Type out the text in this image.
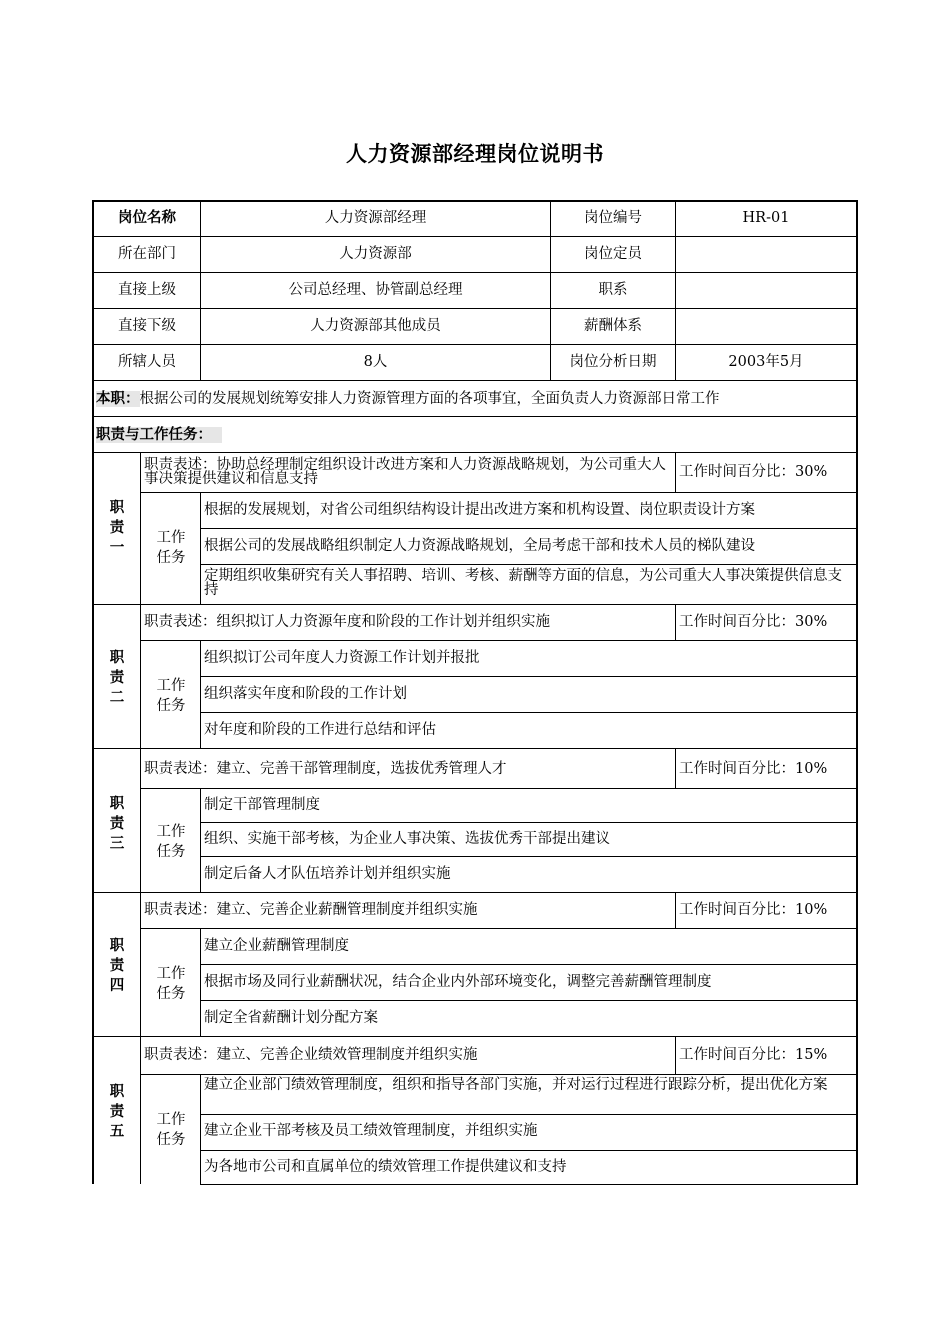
人力资源部经理岗位说明书
岗位名称	人力资源部经理	岗位编号	HR-01
所在部门	人力资源部	岗位定员
直接上级	公司总经理、协管副总经理	职系
直接下级	人力资源部其他成员	薪酬体系
所辖人员	8人	岗位分析日期	2003年5月
本职：根据公司的发展规划统筹安排人力资源管理方面的各项事宜，全面负责人力资源部日常工作
职责与工作任务：
职
责
一
职责表述：协助总经理制定组织设计改进方案和人力资源战略规划，为公司重大人事决策提供建议和信息支持	工作时间百分比：30%
工作
任务
根据的发展规划，对省公司组织结构设计提出改进方案和机构设置、岗位职责设计方案
根据公司的发展战略组织制定人力资源战略规划，全局考虑干部和技术人员的梯队建设
定期组织收集研究有关人事招聘、培训、考核、薪酬等方面的信息，为公司重大人事决策提供信息支持
职
责
二
职责表述：组织拟订人力资源年度和阶段的工作计划并组织实施	工作时间百分比：30%
工作
任务
组织拟订公司年度人力资源工作计划并报批
组织落实年度和阶段的工作计划
对年度和阶段的工作进行总结和评估
职
责
三
职责表述：建立、完善干部管理制度，选拔优秀管理人才	工作时间百分比：10%
工作
任务
制定干部管理制度
组织、实施干部考核，为企业人事决策、选拔优秀干部提出建议
制定后备人才队伍培养计划并组织实施
职
责
四
职责表述：建立、完善企业薪酬管理制度并组织实施	工作时间百分比：10%
工作
任务
建立企业薪酬管理制度
根据市场及同行业薪酬状况，结合企业内外部环境变化，调整完善薪酬管理制度
制定全省薪酬计划分配方案
职
责
五
职责表述：建立、完善企业绩效管理制度并组织实施	工作时间百分比：15%
工作
任务
建立企业部门绩效管理制度，组织和指导各部门实施，并对运行过程进行跟踪分析，提出优化方案
建立企业干部考核及员工绩效管理制度，并组织实施
为各地市公司和直属单位的绩效管理工作提供建议和支持
